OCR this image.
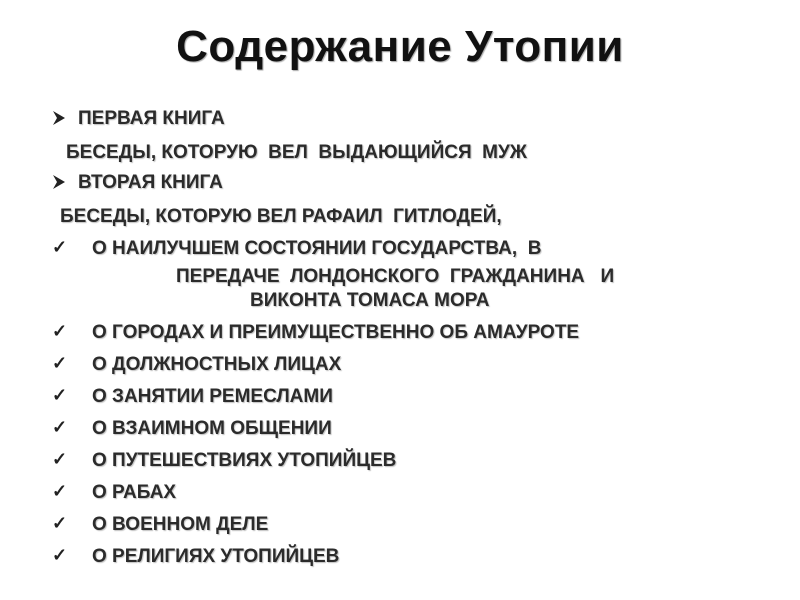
Содержание Утопии
ПЕРВАЯ КНИГА
БЕСЕДЫ, КОТОРУЮ  ВЕЛ  ВЫДАЮЩИЙСЯ  МУЖ
ВТОРАЯ КНИГА
БЕСЕДЫ, КОТОРУЮ ВЕЛ РАФАИЛ  ГИТЛОДЕЙ,
✓ О НАИЛУЧШЕМ СОСТОЯНИИ ГОСУДАРСТВА,  В
ПЕРЕДАЧЕ  ЛОНДОНСКОГО  ГРАЖДАНИНА   И
ВИКОНТА ТОМАСА МОРА
✓ О ГОРОДАХ И ПРЕИМУЩЕСТВЕННО ОБ АМАУРОТЕ
✓ О ДОЛЖНОСТНЫХ ЛИЦАХ
✓ О ЗАНЯТИИ РЕМЕСЛАМИ
✓ О ВЗАИМНОМ ОБЩЕНИИ
✓ О ПУТЕШЕСТВИЯХ УТОПИЙЦЕВ
✓ О РАБАХ
✓ О ВОЕННОМ ДЕЛЕ
✓ О РЕЛИГИЯХ УТОПИЙЦЕВ
